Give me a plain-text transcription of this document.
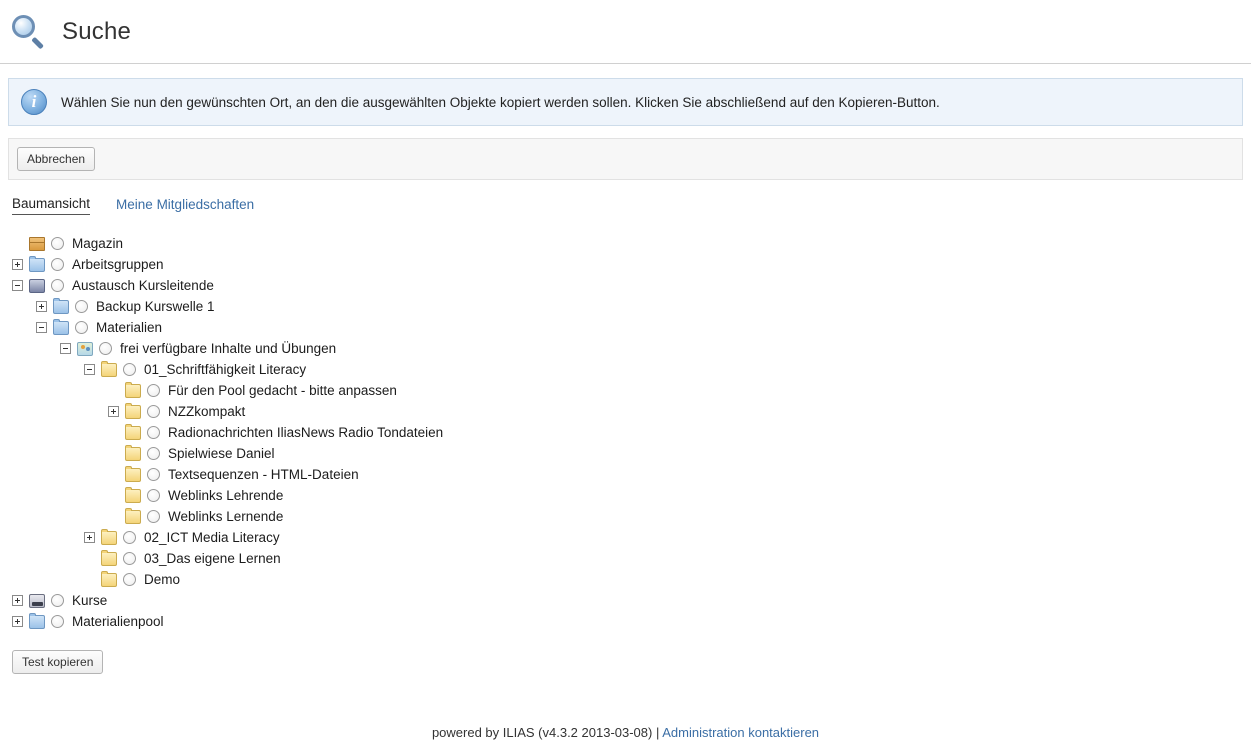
Suche
i	Wählen Sie nun den gewünschten Ort, an den die ausgewählten Objekte kopiert werden sollen. Klicken Sie abschließend auf den Kopieren-Button.
Abbrechen
Baumansicht Meine Mitgliedschaften
Magazin
Arbeitsgruppen
Austausch Kursleitende
Backup Kurswelle 1
Materialien
frei verfügbare Inhalte und Übungen
01_Schriftfähigkeit Literacy
Für den Pool gedacht - bitte anpassen
NZZkompakt
Radionachrichten IliasNews Radio Tondateien
Spielwiese Daniel
Textsequenzen - HTML-Dateien
Weblinks Lehrende
Weblinks Lernende
02_ICT Media Literacy
03_Das eigene Lernen
Demo
Kurse
Materialienpool
Test kopieren
powered by ILIAS (v4.3.2 2013-03-08) | Administration kontaktieren
